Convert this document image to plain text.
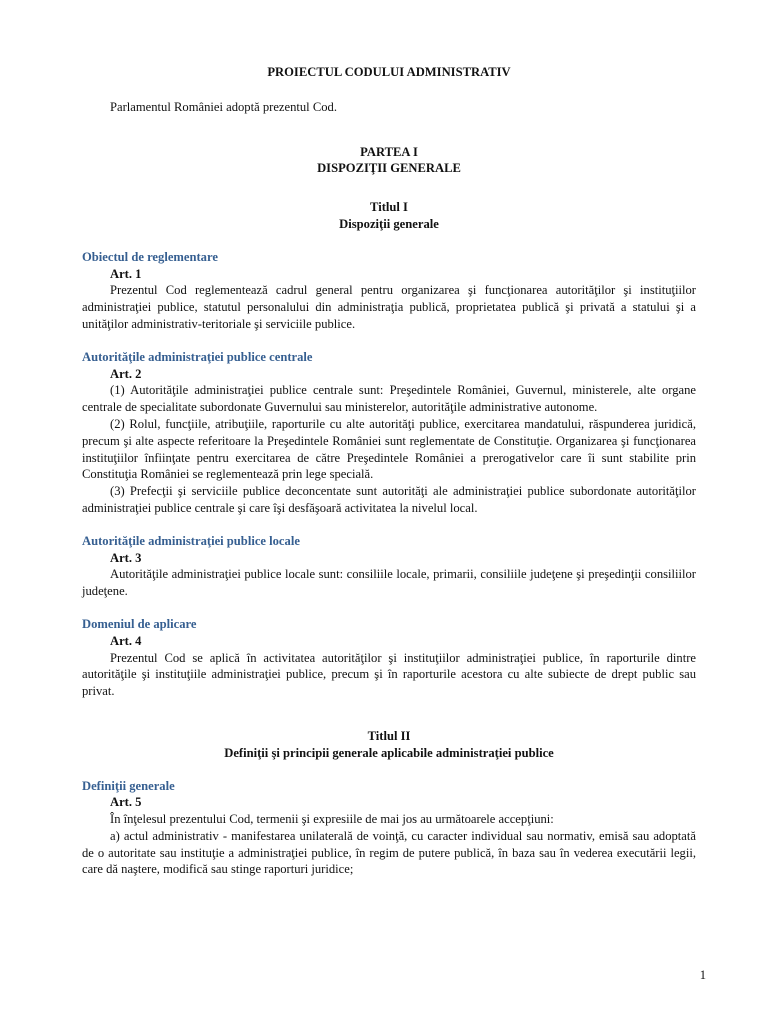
PROIECTUL CODULUI ADMINISTRATIV

Parlamentul României adoptă prezentul Cod.

PARTEA I

DISPOZIŢII GENERALE

Titlul I

Dispoziţii generale

Obiectul de reglementare

Art. 1

Prezentul Cod reglementează cadrul general pentru organizarea şi funcţionarea autorităţilor şi instituţiilor administraţiei publice, statutul personalului din administraţia publică, proprietatea publică şi privată a statului şi a unităţilor administrativ-teritoriale şi serviciile publice.

Autorităţile administraţiei publice centrale

Art. 2

(1) Autorităţile administraţiei publice centrale sunt: Preşedintele României, Guvernul, ministerele, alte organe centrale de specialitate subordonate Guvernului sau ministerelor, autorităţile administrative autonome.

(2) Rolul, funcţiile, atribuţiile, raporturile cu alte autorităţi publice, exercitarea mandatului, răspunderea juridică, precum şi alte aspecte referitoare la Preşedintele României sunt reglementate de Constituţie. Organizarea şi funcţionarea instituţiilor înfiinţate pentru exercitarea de către Preşedintele României a prerogativelor care îi sunt stabilite prin Constituţia României se reglementează prin lege specială.

(3) Prefecţii şi serviciile publice deconcentate sunt autorităţi ale administraţiei publice subordonate autorităţilor administraţiei publice centrale şi care îşi desfăşoară activitatea la nivelul local.

Autorităţile administraţiei publice locale

Art. 3

Autorităţile administraţiei publice locale sunt: consiliile locale, primarii, consiliile judeţene şi preşedinţii consiliilor judeţene.

Domeniul de aplicare

Art. 4

Prezentul Cod se aplică în activitatea autorităţilor şi instituţiilor administraţiei publice, în raporturile dintre autorităţile şi instituţiile administraţiei publice, precum şi în raporturile acestora cu alte subiecte de drept public sau privat.

Titlul II

Definiţii şi principii generale aplicabile administraţiei publice

Definiţii generale

Art. 5

În înţelesul prezentului Cod, termenii şi expresiile de mai jos au următoarele accepţiuni:

a) actul administrativ - manifestarea unilaterală de voinţă, cu caracter individual sau normativ, emisă sau adoptată de o autoritate sau instituţie a administraţiei publice, în regim de putere publică, în baza sau în vederea executării legii, care dă naştere, modifică sau stinge raporturi juridice;

1
